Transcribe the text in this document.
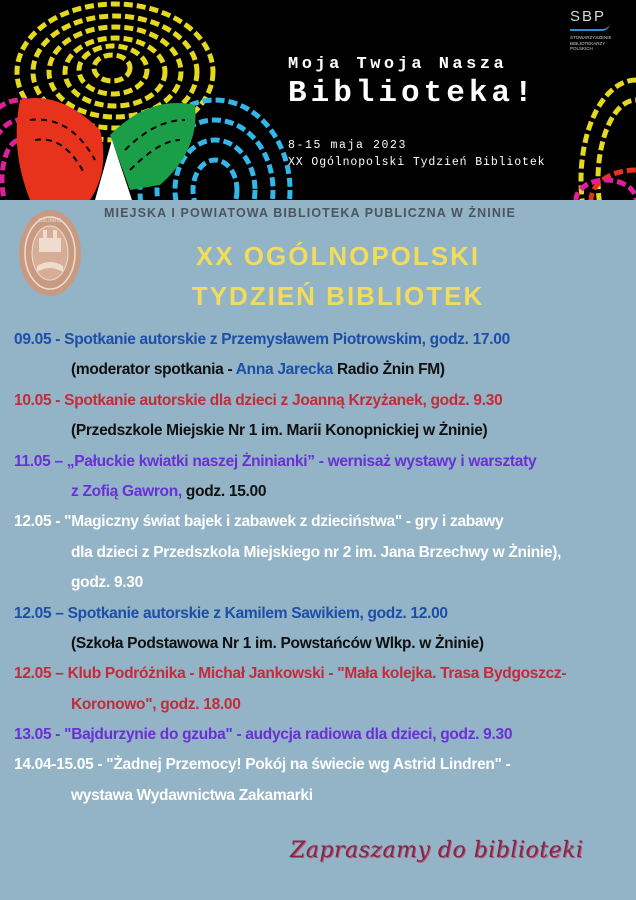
SBP
STOWARZYSZENIE
BIBLIOTEKARZY
POLSKICH
Moja Twoja Nasza
Biblioteka!
8-15 maja 2023
XX Ogólnopolski Tydzień Bibliotek
EXLIBRIS
MIEJSKA I POWIATOWA BIBLIOTEKA PUBLICZNA W ŻNINIE
XX OGÓLNOPOLSKI
TYDZIEŃ BIBLIOTEK
09.05 - Spotkanie autorskie z Przemysławem Piotrowskim, godz. 17.00
(moderator spotkania - Anna Jarecka Radio Żnin FM)
10.05 - Spotkanie autorskie dla dzieci z Joanną Krzyżanek, godz. 9.30
(Przedszkole Miejskie Nr 1 im. Marii Konopnickiej w Żninie)
11.05 – „Pałuckie kwiatki naszej Żninianki” - wernisaż wystawy i warsztaty
z Zofią Gawron, godz. 15.00
12.05 - "Magiczny świat bajek i zabawek z dzieciństwa" - gry i zabawy
dla dzieci z Przedszkola Miejskiego nr 2 im. Jana Brzechwy w Żninie),
godz. 9.30
12.05 – Spotkanie autorskie z Kamilem Sawikiem, godz. 12.00
(Szkoła Podstawowa Nr 1 im. Powstańców Wlkp. w Żninie)
12.05 – Klub Podróżnika - Michał Jankowski - "Mała kolejka. Trasa Bydgoszcz-
Koronowo", godz. 18.00
13.05 - "Bajdurzynie do gzuba" - audycja radiowa dla dzieci, godz. 9.30
14.04-15.05 - "Żadnej Przemocy! Pokój na świecie wg Astrid Lindren" -
wystawa Wydawnictwa Zakamarki
Zapraszamy do biblioteki
